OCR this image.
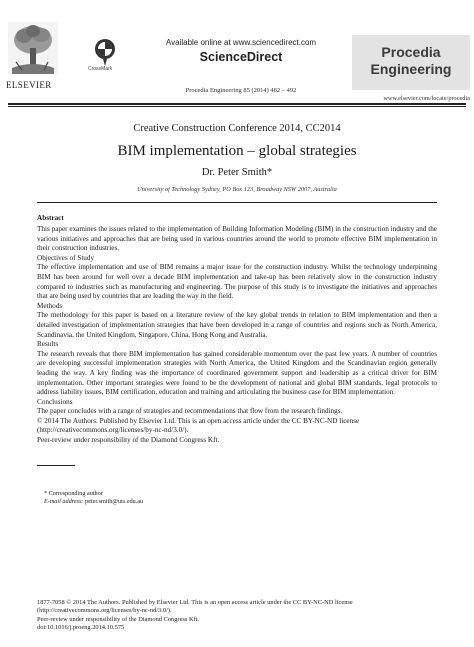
ELSEVIER
CrossMark
Available online at www.sciencedirect.com
ScienceDirect
Procedia Engineering 85 (2014) 482 – 492
Procedia
Engineering
www.elsevier.com/locate/procedia
Creative Construction Conference 2014, CC2014
BIM implementation – global strategies
Dr. Peter Smith*
University of Technology Sydney, PO Box 123, Broadway NSW 2007, Australia
Abstract

This paper examines the issues related to the implementation of Building Information Modeling (BIM) in the construction industry and the various initiatives and approaches that are being used in various countries around the world to promote effective BIM implementation in their construction industries.

Objectives of Study

The effective implementation and use of BIM remains a major issue for the construction industry. Whilst the technology underpinning BIM has been around for well over a decade BIM implementation and take-up has been relatively slow in the construction industry compared to industries such as manufacturing and engineering. The purpose of this study is to investigate the initiatives and approaches that are being used by countries that are leading the way in the field.

Methods

The methodology for this paper is based on a literature review of the key global trends in relation to BIM implementation and then a detailed investigation of implementation strategies that have been developed in a range of countries and regions such as North America, Scandinavia, the United Kingdom, Singapore, China, Hong Kong and Australia.

Results

The research reveals that there BIM implementation has gained considerable momentum over the past few years. A number of countries are developing successful implementation strategies with North America, the United Kingdom and the Scandinavian region generally leading the way. A key finding was the importance of coordinated government support and leadership as a critical driver for BIM implementation. Other important strategies were found to be the development of national and global BIM standards, legal protocols to address liability issues, BIM certification, education and training and articulating the business case for BIM implementation.

Conclusions

The paper concludes with a range of strategies and recommendations that flow from the research findings.

© 2014 The Authors. Published by Elsevier Ltd. This is an open access article under the CC BY-NC-ND license

(http://creativecommons.org/licenses/by-nc-nd/3.0/).

Peer-review under responsibility of the Diamond Congress Kft.

* Corresponding author
E-mail address: peter.smith@uts.edu.au
1877-7058 © 2014 The Authors. Published by Elsevier Ltd. This is an open access article under the CC BY-NC-ND license
(http://creativecommons.org/licenses/by-nc-nd/3.0/).
Peer-review under responsibility of the Diamond Congress Kft.
doi:10.1016/j.proeng.2014.10.575
